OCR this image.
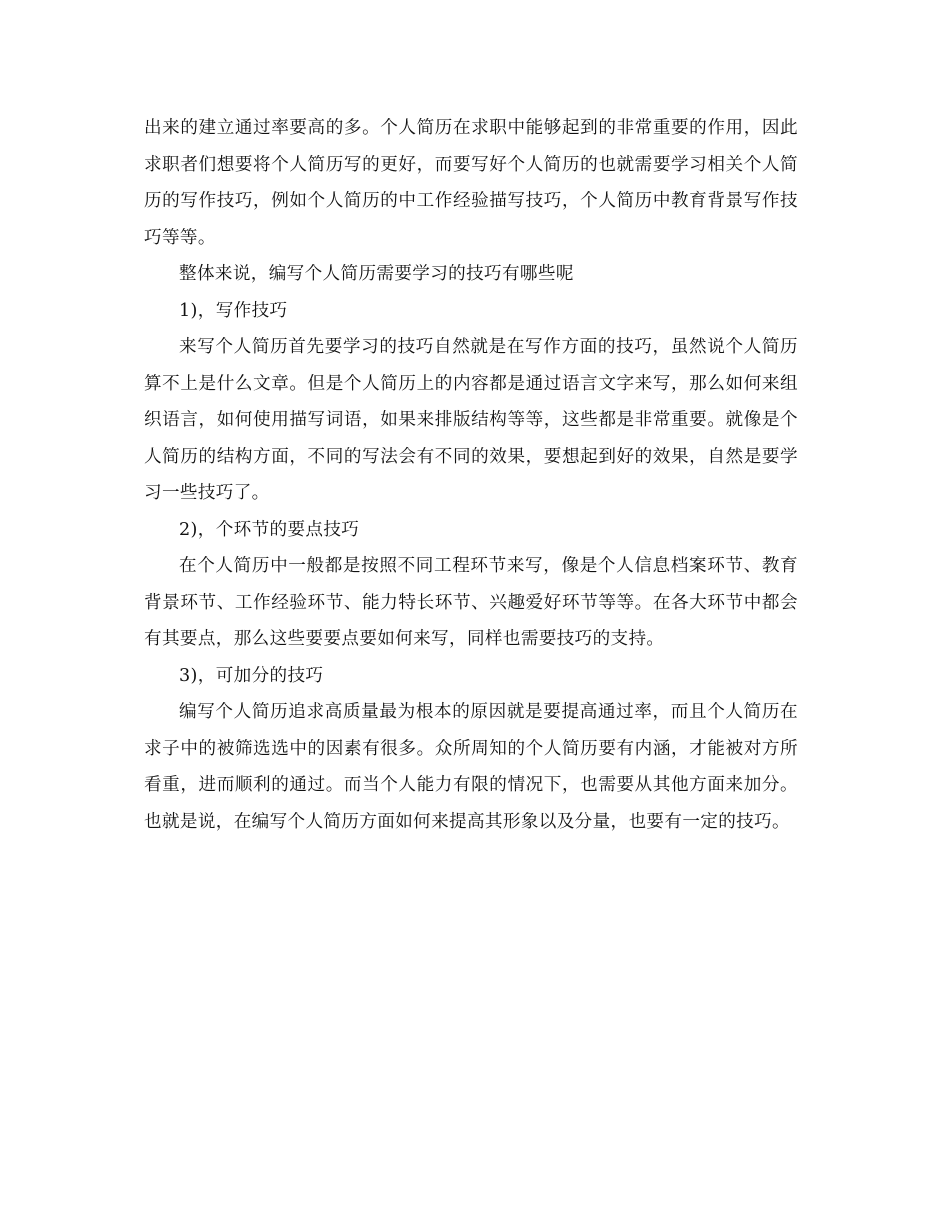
出来的建立通过率要高的多。个人简历在求职中能够起到的非常重要的作用，因此求职者们想要将个人简历写的更好，而要写好个人简历的也就需要学习相关个人简历的写作技巧，例如个人简历的中工作经验描写技巧，个人简历中教育背景写作技巧等等。

整体来说，编写个人简历需要学习的技巧有哪些呢

1)，写作技巧

来写个人简历首先要学习的技巧自然就是在写作方面的技巧，虽然说个人简历算不上是什么文章。但是个人简历上的内容都是通过语言文字来写，那么如何来组织语言，如何使用描写词语，如果来排版结构等等，这些都是非常重要。就像是个人简历的结构方面，不同的写法会有不同的效果，要想起到好的效果，自然是要学习一些技巧了。

2)，个环节的要点技巧

在个人简历中一般都是按照不同工程环节来写，像是个人信息档案环节、教育背景环节、工作经验环节、能力特长环节、兴趣爱好环节等等。在各大环节中都会有其要点，那么这些要要点要如何来写，同样也需要技巧的支持。

3)，可加分的技巧

编写个人简历追求高质量最为根本的原因就是要提高通过率，而且个人简历在求子中的被筛选选中的因素有很多。众所周知的个人简历要有内涵，才能被对方所看重，进而顺利的通过。而当个人能力有限的情况下，也需要从其他方面来加分。也就是说，在编写个人简历方面如何来提高其形象以及分量，也要有一定的技巧。
